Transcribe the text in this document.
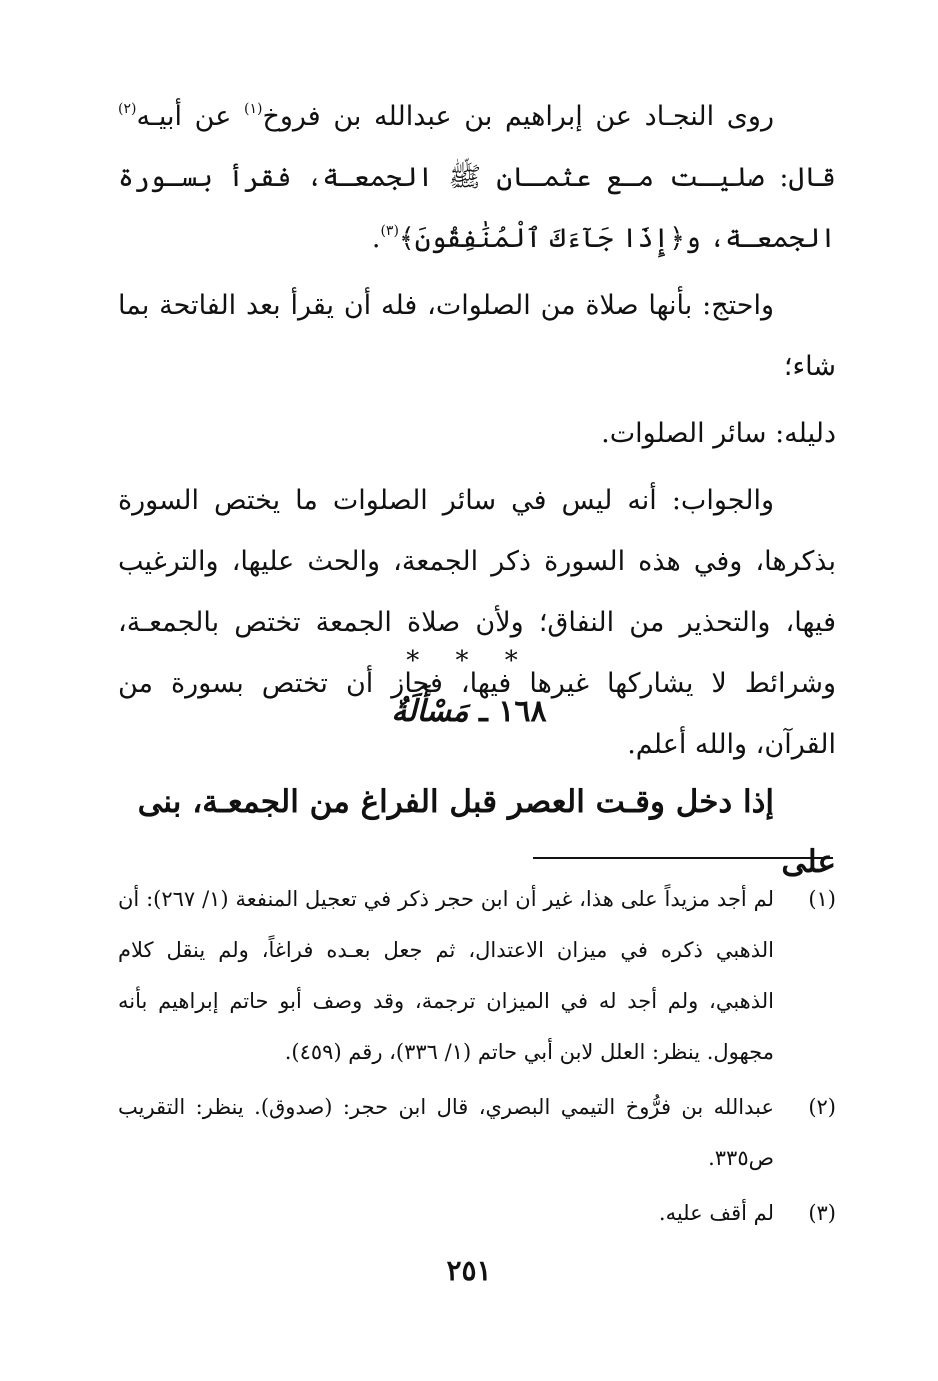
روى النجـاد عن إبراهيم بن عبدالله بن فروخ$^{(١)}$ عن أبيـه$^{(٢)}$ قال: صليـت مـع عثمـان ﷺ الجمعـة، فقرأ بسـورة الجمعـة، و﴿إِذَا جَآءَكَ ٱلْمُنَٰفِقُونَ﴾$^{(٣)}$.

واحتج: بأنها صلاة من الصلوات، فله أن يقرأ بعد الفاتحة بما شاء؛

دليله: سائر الصلوات.

والجواب: أنه ليس في سائر الصلوات ما يختص السورة بذكرها، وفي هذه السورة ذكر الجمعة، والحث عليها، والترغيب فيها، والتحذير من النفاق؛ ولأن صلاة الجمعة تختص بالجمعـة، وشرائط لا يشاركها غيرها فيها، فجاز أن تختص بسورة من القرآن، والله أعلم.

* * *
١٦٨ ـ مَسْأَلَةٌ
إذا دخل وقـت العصر قبل الفراغ من الجمعـة، بنى على
(١)
لم أجد مزيداً على هذا، غير أن ابن حجر ذكر في تعجيل المنفعة (١/ ٢٦٧): أن الذهبي ذكره في ميزان الاعتدال، ثم جعل بعـده فراغاً، ولم ينقل كلام الذهبي، ولم أجد له في الميزان ترجمة، وقد وصف أبو حاتم إبراهيم بأنه مجهول. ينظر: العلل لابن أبي حاتم (١/ ٣٣٦)، رقم (٤٥٩).
(٢)
عبدالله بن فرُّوخ التيمي البصري، قال ابن حجر: (صدوق). ينظر: التقريب ص٣٣٥.
(٣)
لم أقف عليه.
٢٥١
